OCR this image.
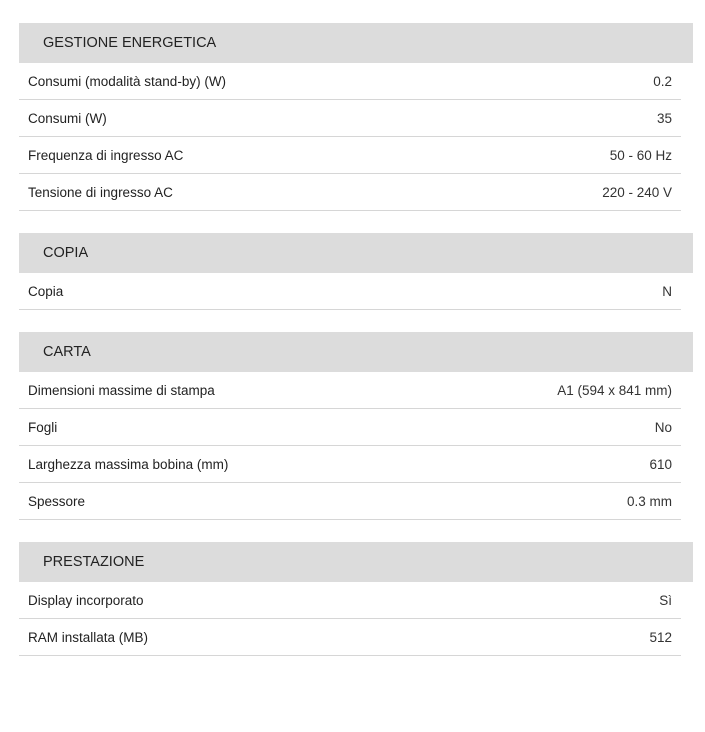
GESTIONE ENERGETICA
Consumi (modalità stand-by) (W)	0.2
Consumi (W)	35
Frequenza di ingresso AC	50 - 60 Hz
Tensione di ingresso AC	220 - 240 V
COPIA
Copia	N
CARTA
Dimensioni massime di stampa	A1 (594 x 841 mm)
Fogli	No
Larghezza massima bobina (mm)	610
Spessore	0.3 mm
PRESTAZIONE
Display incorporato	Sì
RAM installata (MB)	512
